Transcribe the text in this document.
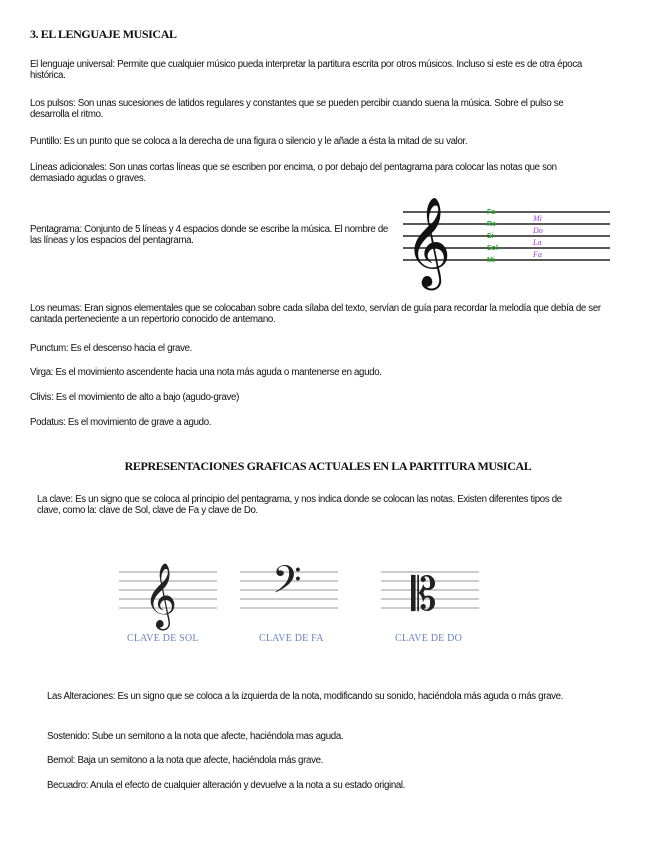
3. EL LENGUAJE MUSICAL
El lenguaje universal: Permite que cualquier músico pueda interpretar la partitura escrita por otros músicos. Incluso si este es de otra época histórica.
Los pulsos: Son unas sucesiones de latidos regulares y constantes que se pueden percibir cuando suena la música. Sobre el pulso se desarrolla el ritmo.
Puntillo: Es un punto que se coloca a la derecha de una figura o silencio y le añade a ésta la mitad de su valor.
Líneas adicionales: Son unas cortas líneas que se escriben por encima, o por debajo del pentagrama para colocar las notas que son demasiado agudas o graves.
Pentagrama: Conjunto de 5 líneas y 4 espacios donde se escribe la música. El nombre de las líneas y los espacios del pentagrama.	𝄞	Fa
Re
Si
Sol
Mi
Mi
Do
La
Fa
Los neumas: Eran signos elementales que se colocaban sobre cada sílaba del texto, servían de guía para recordar la melodía que debía de ser cantada perteneciente a un repertorio conocido de antemano.
Punctum: Es el descenso hacia el grave.
Virga: Es el movimiento ascendente hacia una nota más aguda o mantenerse en agudo.
Clivis: Es el movimiento de alto a bajo (agudo-grave)
Podatus: Es el movimiento de grave a agudo.
REPRESENTACIONES GRAFICAS ACTUALES EN LA PARTITURA MUSICAL
La clave: Es un signo que se coloca al principio del pentagrama, y nos indica donde se colocan las notas. Existen diferentes tipos de clave, como la: clave de Sol, clave de Fa y clave de Do.
𝄞 𝄢 𝄡
CLAVE DE SOL	CLAVE DE FA	CLAVE DE DO
Las Alteraciones: Es un signo que se coloca a la izquierda de la nota, modificando su sonido, haciéndola más aguda o más grave.
Sostenido: Sube un semitono a la nota que afecte, haciéndola mas aguda.
Bemol: Baja un semitono a la nota que afecte, haciéndola más grave.
Becuadro: Anula el efecto de cualquier alteración y devuelve a la nota a su estado original.
